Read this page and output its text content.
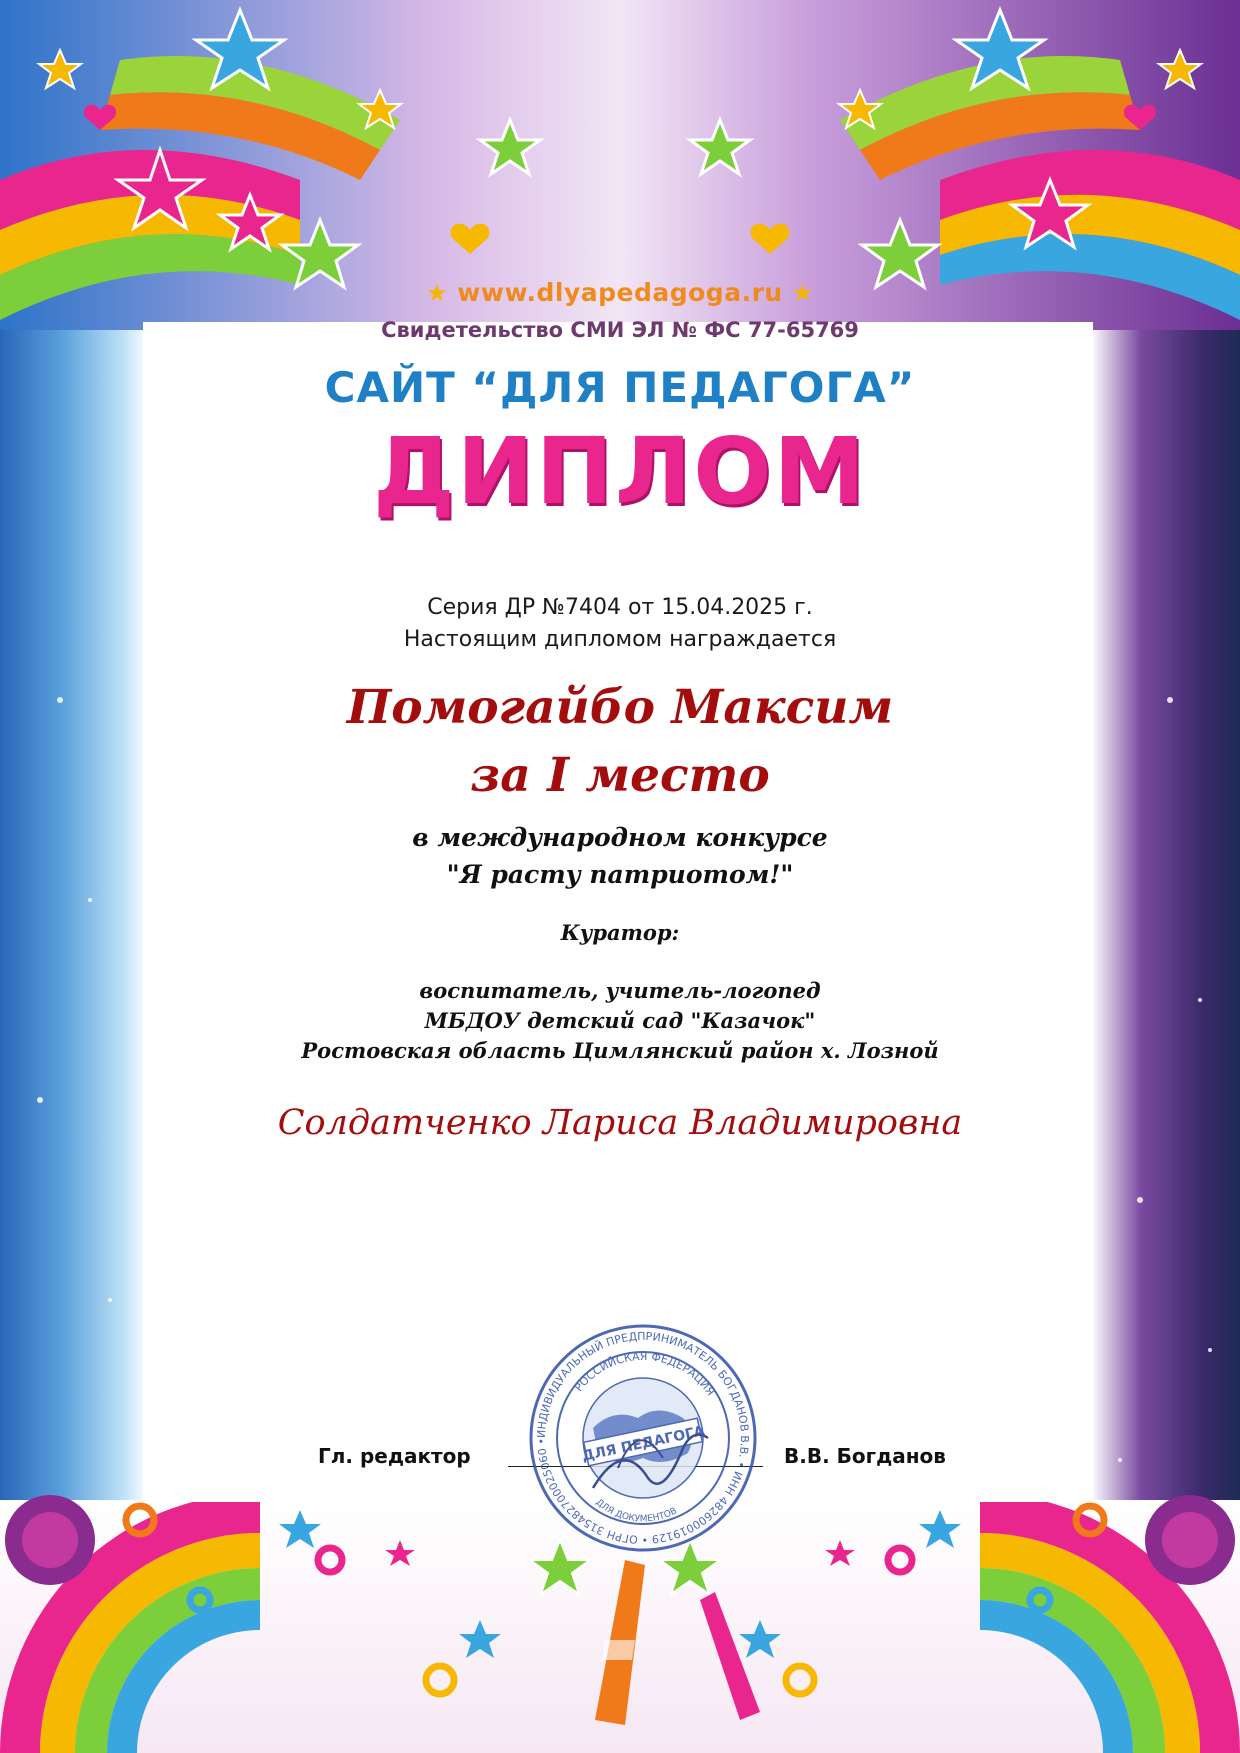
★ www.dlyapedagoga.ru ★
Свидетельство СМИ ЭЛ № ФС 77-65769
САЙТ “ДЛЯ ПЕДАГОГА”
ДИПЛОМ
Серия ДР №7404 от 15.04.2025 г.
Настоящим дипломом награждается
Помогайбо Максим
за I место
в международном конкурсе
"Я расту патриотом!"
Куратор:
воспитатель, учитель-логопед
МБДОУ детский сад "Казачок"
Ростовская область Цимлянский район х. Лозной
Солдатченко Лариса Владимировна
Гл. редактор	В.В. Богданов
ИНДИВИДУАЛЬНЫЙ ПРЕДПРИНИМАТЕЛЬ БОГДАНОВ В.В. • ИНН 482600019129 • ОГРН 315482700025060 •
РОССИЙСКАЯ ФЕДЕРАЦИЯ
ДЛЯ ПЕДАГОГА
ДЛЯ ДОКУМЕНТОВ
